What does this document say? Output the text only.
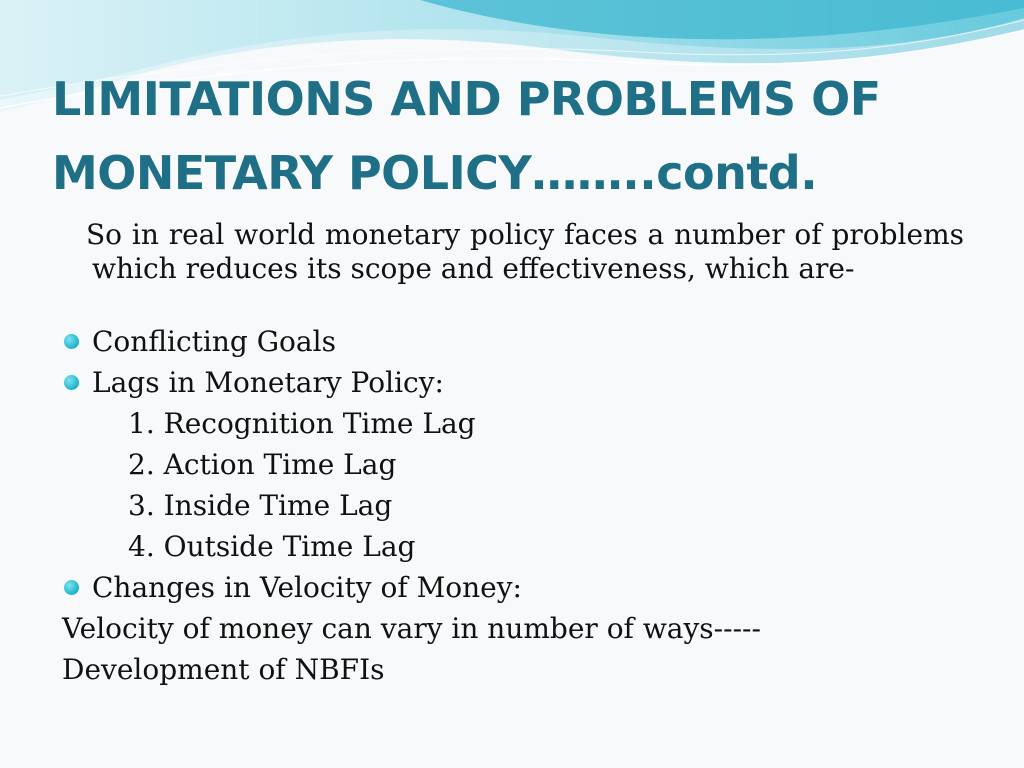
LIMITATIONS AND PROBLEMS OF
MONETARY POLICY……..contd.
So in real world monetary policy faces a number of problems which reduces its scope and effectiveness, which are-
Conflicting Goals
Lags in Monetary Policy:
1. Recognition Time Lag
2. Action Time Lag
3. Inside Time Lag
4. Outside Time Lag
Changes in Velocity of Money:
Velocity of money can vary in number of ways-----
Development of NBFIs
